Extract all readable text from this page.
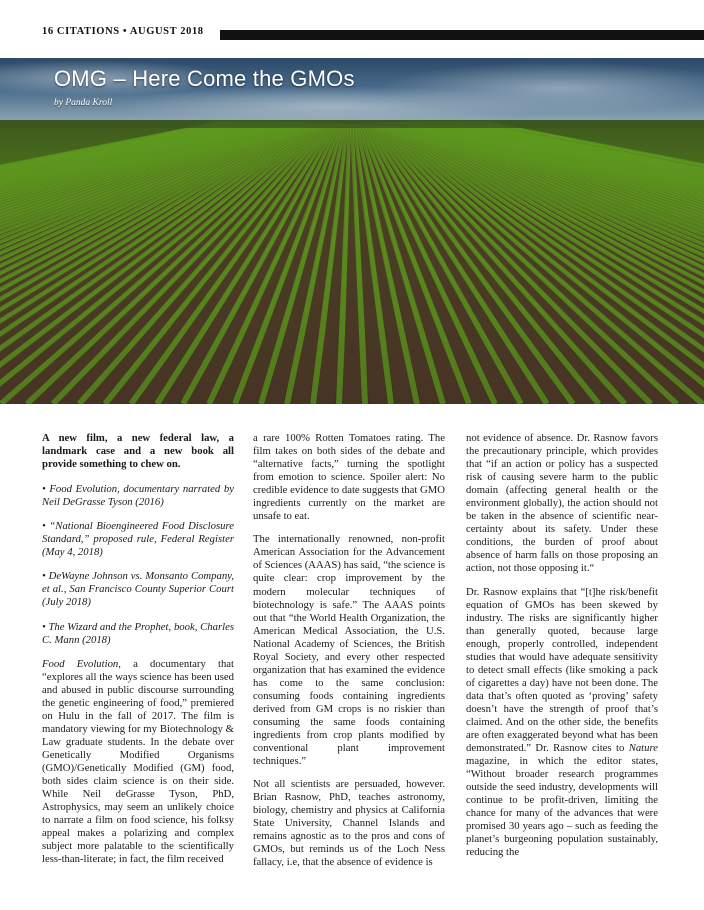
16 CITATIONS • AUGUST 2018
OMG – Here Come the GMOs
by Panda Kroll

A new film, a new federal law, a landmark case and a new book all provide something to chew on.

• Food Evolution, documentary narrated by Neil DeGrasse Tyson (2016)

• “National Bioengineered Food Disclosure Standard,” proposed rule, Federal Register (May 4, 2018)

• DeWayne Johnson vs. Monsanto Company, et al., San Francisco County Superior Court (July 2018)

• The Wizard and the Prophet, book, Charles C. Mann (2018)

Food Evolution, a documentary that “explores all the ways science has been used and abused in public discourse surrounding the genetic engineering of food,” premiered on Hulu in the fall of 2017. The film is mandatory viewing for my Biotechnology & Law graduate students. In the debate over Genetically Modified Organisms (GMO)/Genetically Modified (GM) food, both sides claim science is on their side. While Neil deGrasse Tyson, PhD, Astrophysics, may seem an unlikely choice to narrate a film on food science, his folksy appeal makes a polarizing and complex subject more palatable to the scientifically less-than-literate; in fact, the film received

a rare 100% Rotten Tomatoes rating. The film takes on both sides of the debate and “alternative facts,” turning the spotlight from emotion to science. Spoiler alert: No credible evidence to date suggests that GMO ingredients currently on the market are unsafe to eat.

The internationally renowned, non-profit American Association for the Advancement of Sciences (AAAS) has said, “the science is quite clear: crop improvement by the modern molecular techniques of biotechnology is safe.” The AAAS points out that “the World Health Organization, the American Medical Association, the U.S. National Academy of Sciences, the British Royal Society, and every other respected organization that has examined the evidence has come to the same conclusion: consuming foods containing ingredients derived from GM crops is no riskier than consuming the same foods containing ingredients from crop plants modified by conventional plant improvement techniques.”

Not all scientists are persuaded, however. Brian Rasnow, PhD, teaches astronomy, biology, chemistry and physics at California State University, Channel Islands and remains agnostic as to the pros and cons of GMOs, but reminds us of the Loch Ness fallacy, i.e, that the absence of evidence is

not evidence of absence. Dr. Rasnow favors the precautionary principle, which provides that “if an action or policy has a suspected risk of causing severe harm to the public domain (affecting general health or the environment globally), the action should not be taken in the absence of scientific near-certainty about its safety. Under these conditions, the burden of proof about absence of harm falls on those proposing an action, not those opposing it.“

Dr. Rasnow explains that “[t]he risk/benefit equation of GMOs has been skewed by industry. The risks are significantly higher than generally quoted, because large enough, properly controlled, independent studies that would have adequate sensitivity to detect small effects (like smoking a pack of cigarettes a day) have not been done. The data that’s often quoted as ‘proving’ safety doesn’t have the strength of proof that’s claimed. And on the other side, the benefits are often exaggerated beyond what has been demonstrated.” Dr. Rasnow cites to Nature magazine, in which the editor states, “Without broader research programmes outside the seed industry, developments will continue to be profit-driven, limiting the chance for many of the advances that were promised 30 years ago – such as feeding the planet’s burgeoning population sustainably, reducing the
